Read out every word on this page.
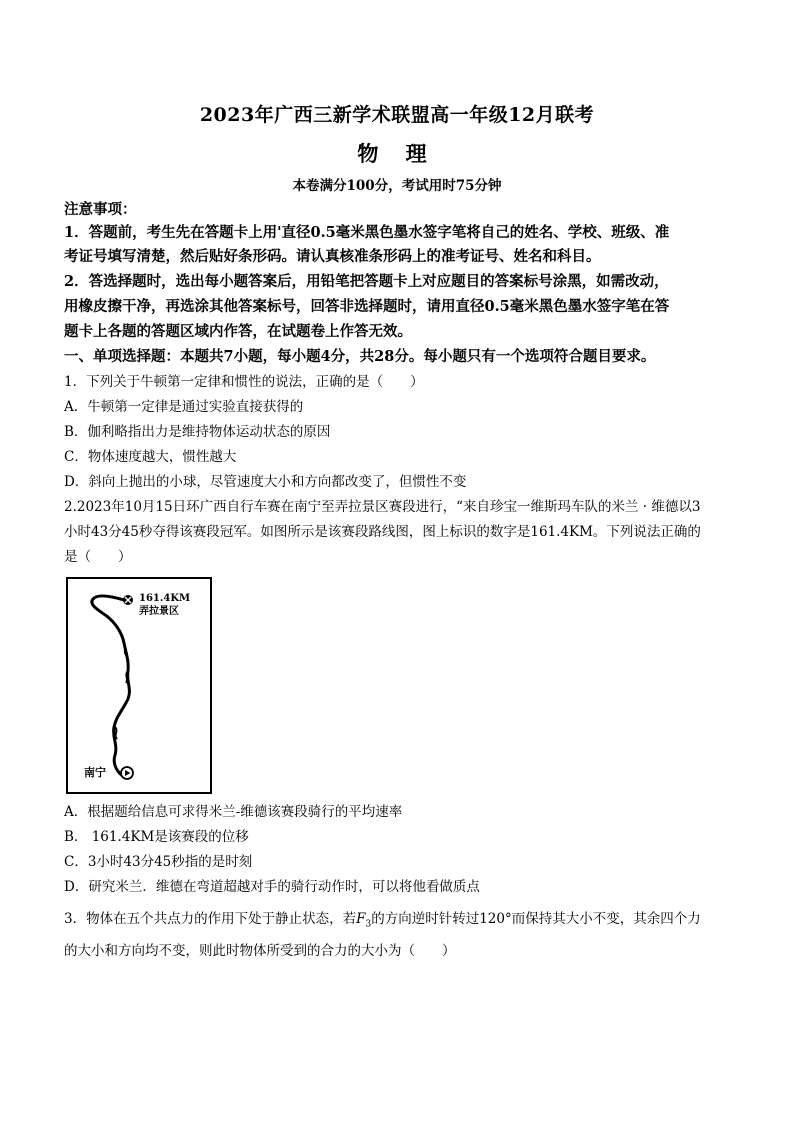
2023年广西三新学术联盟高一年级12月联考
物 理
本卷满分100分，考试用时75分钟
注意事项：
1．答题前，考生先在答题卡上用'直径0.5毫米黑色墨水签字笔将自己的姓名、学校、班级、准
考证号填写清楚，然后贴好条形码。请认真核准条形码上的准考证号、姓名和科目。
2．答选择题时，选出每小题答案后，用铅笔把答题卡上对应题目的答案标号涂黑，如需改动，
用橡皮擦干净，再选涂其他答案标号，回答非选择题时，请用直径0.5毫米黑色墨水签字笔在答
题卡上各题的答题区域内作答，在试题卷上作答无效。
一、单项选择题：本题共7小题，每小题4分，共28分。每小题只有一个选项符合题目要求。
1．下列关于牛顿第一定律和惯性的说法，正确的是（　　）
A．牛顿第一定律是通过实验直接获得的
B．伽利略指出力是维持物体运动状态的原因
C．物体速度越大，惯性越大
D．斜向上抛出的小球，尽管速度大小和方向都改变了，但惯性不变
2.2023年10月15日环广西自行车赛在南宁至弄拉景区赛段进行，“来自珍宝一维斯玛车队的米兰 · 维德以3
小时43分45秒夺得该赛段冠军。如图所示是该赛段路线图，图上标识的数字是161.4KM。下列说法正确的
是（　　）
161.4KM
弄拉景区
南宁
A．根据题给信息可求得米兰-维德该赛段骑行的平均速率
B． 161.4KM是该赛段的位移
C．3小时43分45秒指的是时刻
D．研究米兰．维德在弯道超越对手的骑行动作时，可以将他看做质点
3．物体在五个共点力的作用下处于静止状态，若$F_3$的方向逆时针转过120°而保持其大小不变，其余四个力
的大小和方向均不变，则此时物体所受到的合力的大小为（　　）
